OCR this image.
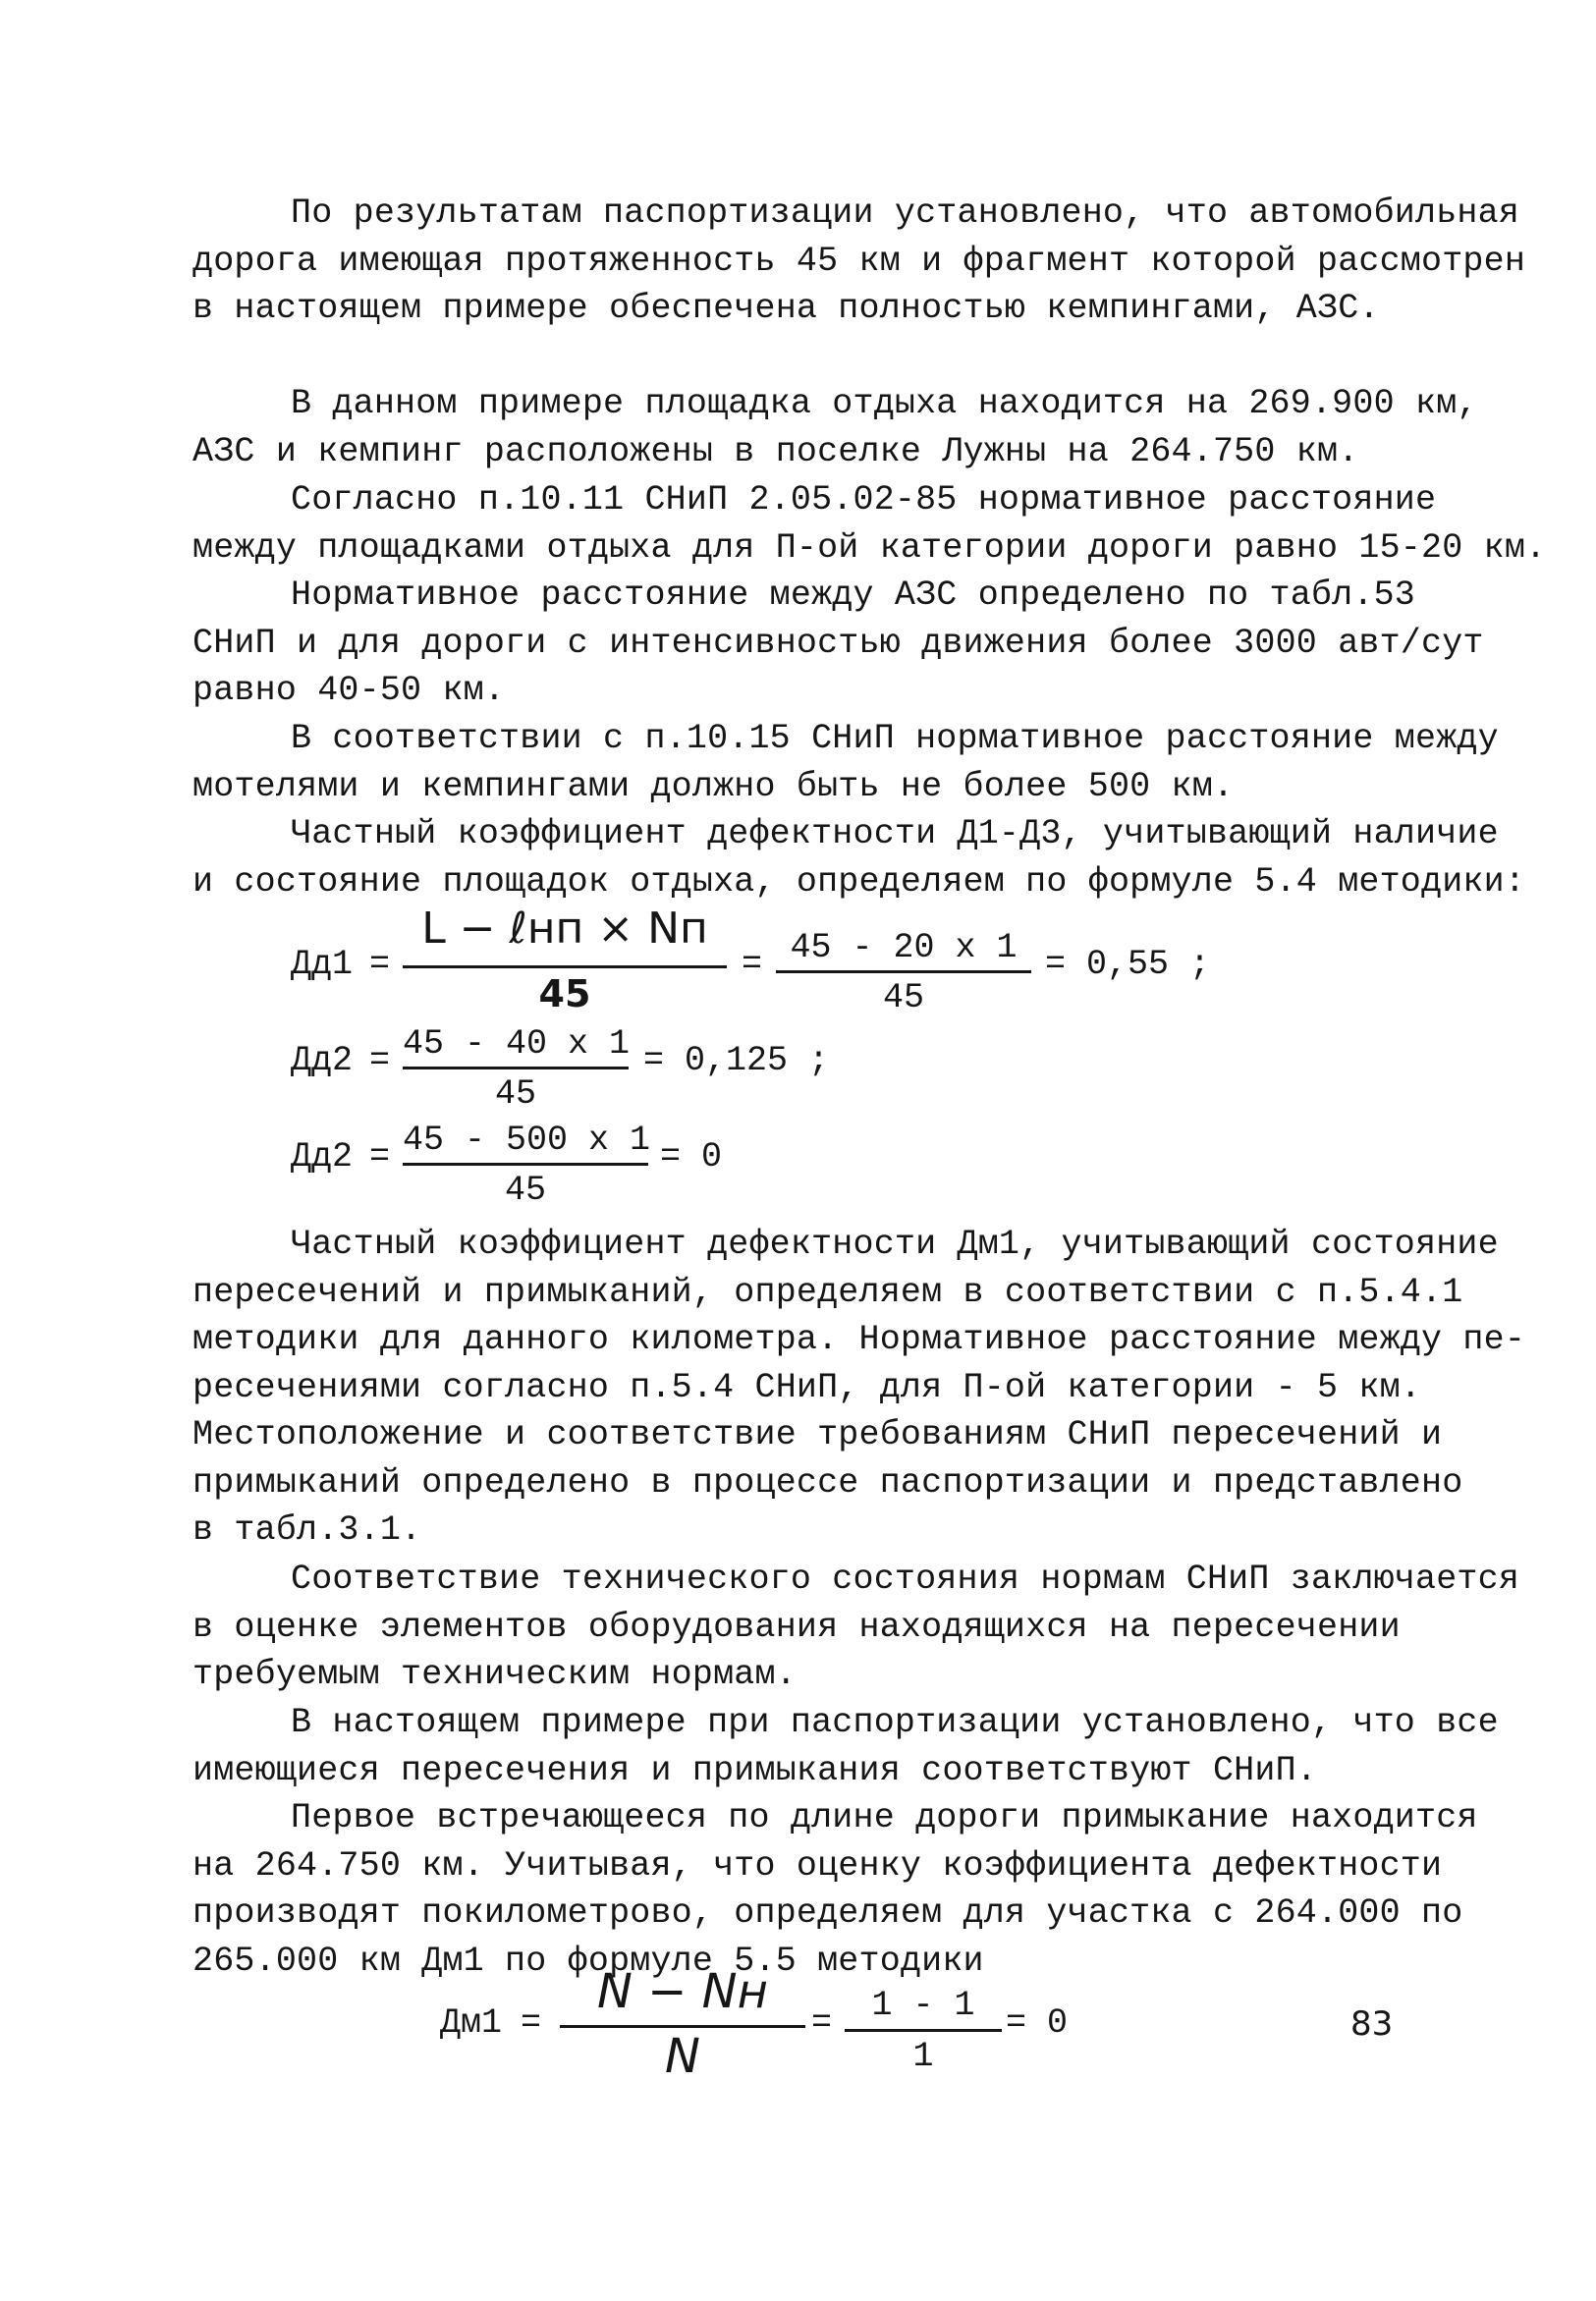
По результатам паспортизации установлено, что автомобильная
дорога имеющая протяженность 45 км и фрагмент которой рассмотрен
в настоящем примере обеспечена полностью кемпингами, АЗС.
В данном примере площадка отдыха находится на 269.900 км,
АЗС и кемпинг расположены в поселке Лужны на 264.750 км.
Согласно п.10.11 СНиП 2.05.02-85 нормативное расстояние
между площадками отдыха для П-ой категории дороги равно 15-20 км.
Нормативное расстояние между АЗС определено по табл.53
СНиП и для дороги с интенсивностью движения более 3000 авт/сут
равно 40-50 км.
В соответствии с п.10.15 СНиП нормативное расстояние между
мотелями и кемпингами должно быть не более 500 км.
Частный коэффициент дефектности Д1-Д3, учитывающий наличие
и состояние площадок отдыха, определяем по формуле 5.4 методики:
Дд1 =
L − ℓнп × Nп
45
= 45 - 20 x 1
45
= 0,55 ;
Дд2 = 45 - 40 x 1
45
= 0,125 ;
Дд2 = 45 - 500 x 1
45
= 0
Частный коэффициент дефектности Дм1, учитывающий состояние
пересечений и примыканий, определяем в соответствии с п.5.4.1
методики для данного километра. Нормативное расстояние между пе-
ресечениями согласно п.5.4 СНиП, для П-ой категории - 5 км.
Местоположение и соответствие требованиям СНиП пересечений и
примыканий определено в процессе паспортизации и представлено
в табл.3.1.
Соответствие технического состояния нормам СНиП заключается
в оценке элементов оборудования находящихся на пересечении
требуемым техническим нормам.
В настоящем примере при паспортизации установлено, что все
имеющиеся пересечения и примыкания соответствуют СНиП.
Первое встречающееся по длине дороги примыкание находится
на 264.750 км. Учитывая, что оценку коэффициента дефектности
производят покилометрово, определяем для участка с 264.000 по
265.000 км Дм1 по формуле 5.5 методики
Дм1 =
N − Nн
N
=	1 - 1
1
= 0	83
